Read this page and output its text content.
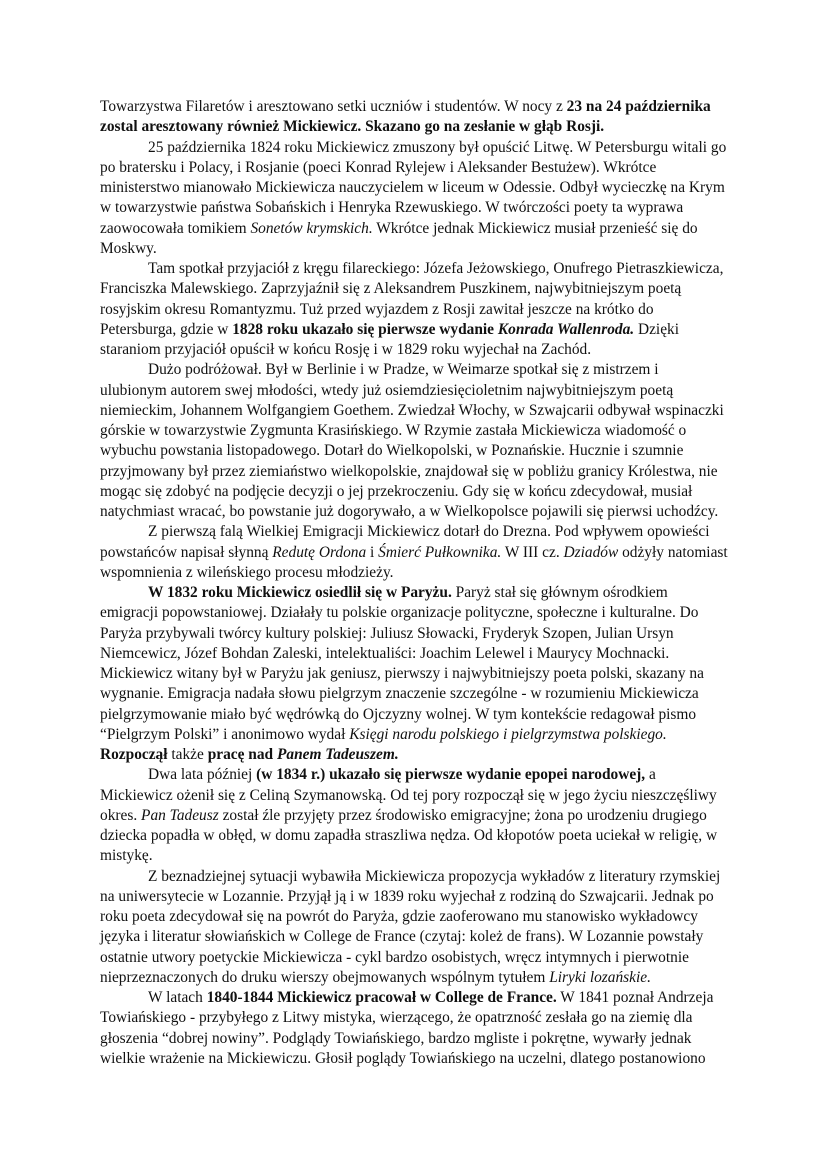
Towarzystwa Filaretów i aresztowano setki uczniów i studentów. W nocy z 23 na 24 października zostal aresztowany również Mickiewicz. Skazano go na zesłanie w głąb Rosji.

25 października 1824 roku Mickiewicz zmuszony był opuścić Litwę. W Petersburgu witali go po bratersku i Polacy, i Rosjanie (poeci Konrad Rylejew i Aleksander Bestużew). Wkrótce ministerstwo mianowało Mickiewicza nauczycielem w liceum w Odessie. Odbył wycieczkę na Krym w towarzystwie państwa Sobańskich i Henryka Rzewuskiego. W twórczości poety ta wyprawa zaowocowała tomikiem Sonetów krymskich. Wkrótce jednak Mickiewicz musiał przenieść się do Moskwy.

Tam spotkał przyjaciół z kręgu filareckiego: Józefa Jeżowskiego, Onufrego Pietraszkiewicza, Franciszka Malewskiego. Zaprzyjaźnił się z Aleksandrem Puszkinem, najwybitniejszym poetą rosyjskim okresu Romantyzmu. Tuż przed wyjazdem z Rosji zawitał jeszcze na krótko do Petersburga, gdzie w 1828 roku ukazało się pierwsze wydanie Konrada Wallenroda. Dzięki staraniom przyjaciół opuścił w końcu Rosję i w 1829 roku wyjechał na Zachód.

Dużo podróżował. Był w Berlinie i w Pradze, w Weimarze spotkał się z mistrzem i ulubionym autorem swej młodości, wtedy już osiemdziesięcioletnim najwybitniejszym poetą niemieckim, Johannem Wolfgangiem Goethem. Zwiedzał Włochy, w Szwajcarii odbywał wspinaczki górskie w towarzystwie Zygmunta Krasińskiego. W Rzymie zastała Mickiewicza wiadomość o wybuchu powstania listopadowego. Dotarł do Wielkopolski, w Poznańskie. Hucznie i szumnie przyjmowany był przez ziemiaństwo wielkopolskie, znajdował się w pobliżu granicy Królestwa, nie mogąc się zdobyć na podjęcie decyzji o jej przekroczeniu. Gdy się w końcu zdecydował, musiał natychmiast wracać, bo powstanie już dogorywało, a w Wielkopolsce pojawili się pierwsi uchodźcy.

Z pierwszą falą Wielkiej Emigracji Mickiewicz dotarł do Drezna. Pod wpływem opowieści powstańców napisał słynną Redutę Ordona i Śmierć Pułkownika. W III cz. Dziadów odżyły natomiast wspomnienia z wileńskiego procesu młodzieży.

W 1832 roku Mickiewicz osiedlił się w Paryżu. Paryż stał się głównym ośrodkiem emigracji popowstaniowej. Działały tu polskie organizacje polityczne, społeczne i kulturalne. Do Paryża przybywali twórcy kultury polskiej: Juliusz Słowacki, Fryderyk Szopen, Julian Ursyn Niemcewicz, Józef Bohdan Zaleski, intelektualiści: Joachim Lelewel i Maurycy Mochnacki. Mickiewicz witany był w Paryżu jak geniusz, pierwszy i najwybitniejszy poeta polski, skazany na wygnanie. Emigracja nadała słowu pielgrzym znaczenie szczególne - w rozumieniu Mickiewicza pielgrzymowanie miało być wędrówką do Ojczyzny wolnej. W tym kontekście redagował pismo “Pielgrzym Polski” i anonimowo wydał Księgi narodu polskiego i pielgrzymstwa polskiego.

Rozpoczął także pracę nad Panem Tadeuszem.

Dwa lata później (w 1834 r.) ukazało się pierwsze wydanie epopei narodowej, a Mickiewicz ożenił się z Celiną Szymanowską. Od tej pory rozpoczął się w jego życiu nieszczęśliwy okres. Pan Tadeusz został źle przyjęty przez środowisko emigracyjne; żona po urodzeniu drugiego dziecka popadła w obłęd, w domu zapadła straszliwa nędza. Od kłopotów poeta uciekał w religię, w mistykę.

Z beznadziejnej sytuacji wybawiła Mickiewicza propozycja wykładów z literatury rzymskiej na uniwersytecie w Lozannie. Przyjął ją i w 1839 roku wyjechał z rodziną do Szwajcarii. Jednak po roku poeta zdecydował się na powrót do Paryża, gdzie zaoferowano mu stanowisko wykładowcy języka i literatur słowiańskich w College de France (czytaj: koleż de frans). W Lozannie powstały ostatnie utwory poetyckie Mickiewicza - cykl bardzo osobistych, wręcz intymnych i pierwotnie nieprzeznaczonych do druku wierszy obejmowanych wspólnym tytułem Liryki lozańskie.

W latach 1840-1844 Mickiewicz pracował w College de France. W 1841 poznał Andrzeja Towiańskiego - przybyłego z Litwy mistyka, wierzącego, że opatrzność zesłała go na ziemię dla głoszenia “dobrej nowiny”. Podglądy Towiańskiego, bardzo mgliste i pokrętne, wywarły jednak wielkie wrażenie na Mickiewiczu. Głosił poglądy Towiańskiego na uczelni, dlatego postanowiono
